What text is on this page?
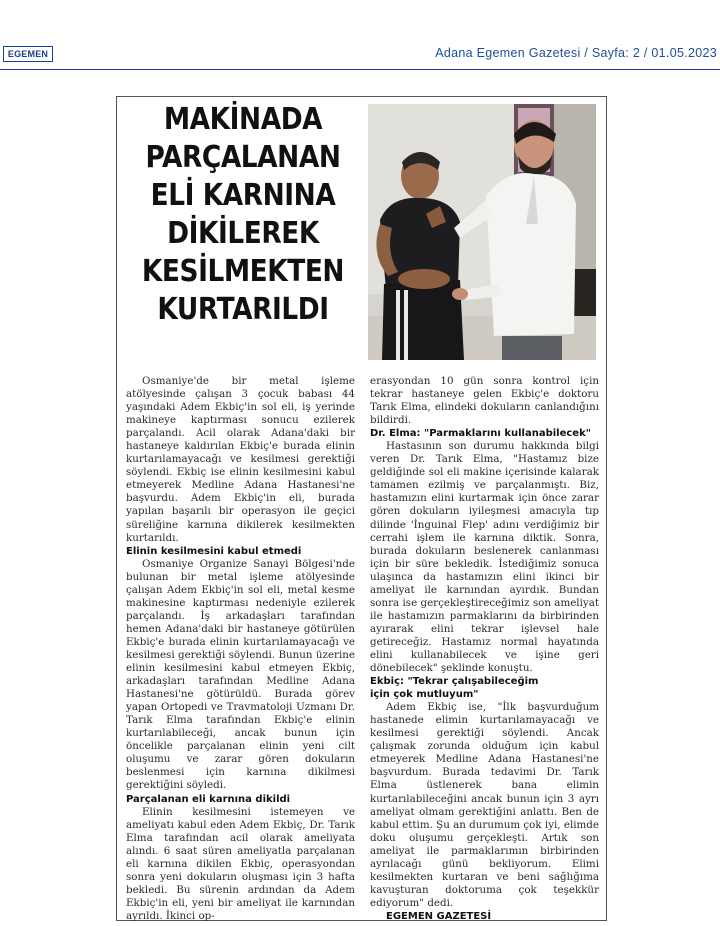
EGEMEN	Adana Egemen Gazetesi / Sayfa: 2 / 01.05.2023
MAKİNADA
PARÇALANAN
ELİ KARNINA
DİKİLEREK
KESİLMEKTEN
KURTARILDI

Osmaniye'de bir metal işleme atölyesinde çalışan 3 çocuk babası 44 yaşındaki Adem Ekbiç'in sol eli, iş yerinde makineye kaptırması sonucu ezilerek parçalandı. Acil olarak Adana'daki bir hastaneye kaldırılan Ekbiç'e burada elinin kurtarılamayacağı ve kesilmesi gerektiği söylendi. Ekbiç ise elinin kesilmesini kabul etmeyerek Medline Adana Hastanesi'ne başvurdu. Adem Ekbiç'in eli, burada yapılan başarılı bir operasyon ile geçici süreliğine karnına dikilerek kesilmekten kurtarıldı.

Elinin kesilmesini kabul etmedi

Osmaniye Organize Sanayi Bölgesi'nde bulunan bir metal işleme atölyesinde çalışan Adem Ekbiç'in sol eli, metal kesme makinesine kaptırması nedeniyle ezilerek parçalandı. İş arkadaşları tarafından hemen Adana'daki bir hastaneye götürülen Ekbiç'e burada elinin kurtarılamayacağı ve kesilmesi gerektiği söylendi. Bunun üzerine elinin kesilmesini kabul etmeyen Ekbiç, arkadaşları tarafından Medline Adana Hastanesi'ne götürüldü. Burada görev yapan Ortopedi ve Travmatoloji Uzmanı Dr. Tarık Elma tarafından Ekbiç'e elinin kurtarılabileceği, ancak bunun için öncelikle parçalanan elinin yeni cilt oluşumu ve zarar gören dokuların beslenmesi için karnına dikilmesi gerektiğini söyledi.

Parçalanan eli karnına dikildi

Elinin kesilmesini istemeyen ve ameliyatı kabul eden Adem Ekbiç, Dr. Tarık Elma tarafından acil olarak ameliyata alındı. 6 saat süren ameliyatla parçalanan eli karnına dikilen Ekbiç, operasyondan sonra yeni dokuların oluşması için 3 hafta bekledi. Bu sürenin ardından da Adem Ekbiç'in eli, yeni bir ameliyat ile karnından ayrıldı. İkinci op-

erasyondan 10 gün sonra kontrol için tekrar hastaneye gelen Ekbiç'e doktoru Tarık Elma, elindeki dokuların canlandığını bildirdi.

Dr. Elma: "Parmaklarını kullanabilecek"

Hastasının son durumu hakkında bilgi veren Dr. Tarık Elma, "Hastamız bize geldiğinde sol eli makine içerisinde kalarak tamamen ezilmiş ve parçalanmıştı. Biz, hastamızın elini kurtarmak için önce zarar gören dokuların iyileşmesi amacıyla tıp dilinde 'İnguinal Flep' adını verdiğimiz bir cerrahi işlem ile karnına diktik. Sonra, burada dokuların beslenerek canlanması için bir süre bekledik. İstediğimiz sonuca ulaşınca da hastamızın elini ikinci bir ameliyat ile karnından ayırdık. Bundan sonra ise gerçekleştireceğimiz son ameliyat ile hastamızın parmaklarını da birbirinden ayırarak elini tekrar işlevsel hale getireceğiz. Hastamız normal hayatında elini kullanabilecek ve işine geri dönebilecek" şeklinde konuştu.

Ekbiç: "Tekrar çalışabileceğim
için çok mutluyum"

Adem Ekbiç ise, "İlk başvurduğum hastanede elimin kurtarılamayacağı ve kesilmesi gerektiği söylendi. Ancak çalışmak zorunda olduğum için kabul etmeyerek Medline Adana Hastanesi'ne başvurdum. Burada tedavimi Dr. Tarık Elma üstlenerek bana elimin kurtarılabileceğini ancak bunun için 3 ayrı ameliyat olmam gerektiğini anlattı. Ben de kabul ettim. Şu an durumum çok iyi, elimde doku oluşumu gerçekleşti. Artık son ameliyat ile parmaklarımın birbirinden ayrılacağı günü bekliyorum. Elimi kesilmekten kurtaran ve beni sağlığıma kavuşturan doktoruma çok teşekkür ediyorum" dedi.

EGEMEN GAZETESİ
